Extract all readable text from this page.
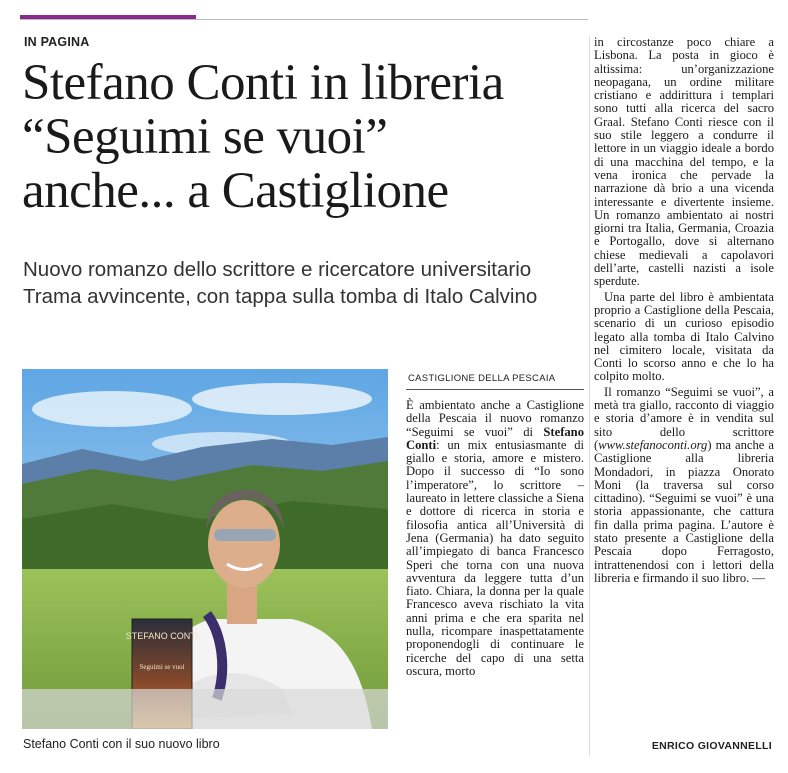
IN PAGINA
Stefano Conti in libreria
“Seguimi se vuoi”
anche... a Castiglione
Nuovo romanzo dello scrittore e ricercatore universitario
Trama avvincente, con tappa sulla tomba di Italo Calvino
STEFANO CONTI
Seguimi se vuoi
Stefano Conti con il suo nuovo libro
CASTIGLIONE DELLA PESCAIA

È ambientato anche a Castiglione della Pescaia il nuovo romanzo “Seguimi se vuoi” di Stefano Conti: un mix entusiasmante di giallo e storia, amore e mistero. Dopo il successo di “Io sono l’imperatore”, lo scrittore – laureato in lettere classiche a Siena e dottore di ricerca in storia e filosofia antica all’Università di Jena (Germania) ha dato seguito all’impiegato di banca Francesco Speri che torna con una nuova avventura da leggere tutta d’un fiato. Chiara, la donna per la quale Francesco aveva rischiato la vita anni prima e che era sparita nel nulla, ricompare inaspettatamente proponendogli di continuare le ricerche del capo di una setta oscura, morto

in circostanze poco chiare a Lisbona. La posta in gioco è altissima: un’organizzazione neopagana, un ordine militare cristiano e addirittura i templari sono tutti alla ricerca del sacro Graal. Stefano Conti riesce con il suo stile leggero a condurre il lettore in un viaggio ideale a bordo di una macchina del tempo, e la vena ironica che pervade la narrazione dà brio a una vicenda interessante e divertente insieme. Un romanzo ambientato ai nostri giorni tra Italia, Germania, Croazia e Portogallo, dove si alternano chiese medievali a capolavori dell’arte, castelli nazisti a isole sperdute.

Una parte del libro è ambientata proprio a Castiglione della Pescaia, scenario di un curioso episodio legato alla tomba di Italo Calvino nel cimitero locale, visitata da Conti lo scorso anno e che lo ha colpito molto.

Il romanzo “Seguimi se vuoi”, a metà tra giallo, racconto di viaggio e storia d’amore è in vendita sul sito dello scrittore (www.stefanoconti.org) ma anche a Castiglione alla libreria Mondadori, in piazza Onorato Moni (la traversa sul corso cittadino). “Seguimi se vuoi” è una storia appassionante, che cattura fin dalla prima pagina. L’autore è stato presente a Castiglione della Pescaia dopo Ferragosto, intrattenendosi con i lettori della libreria e firmando il suo libro. —

ENRICO GIOVANNELLI
